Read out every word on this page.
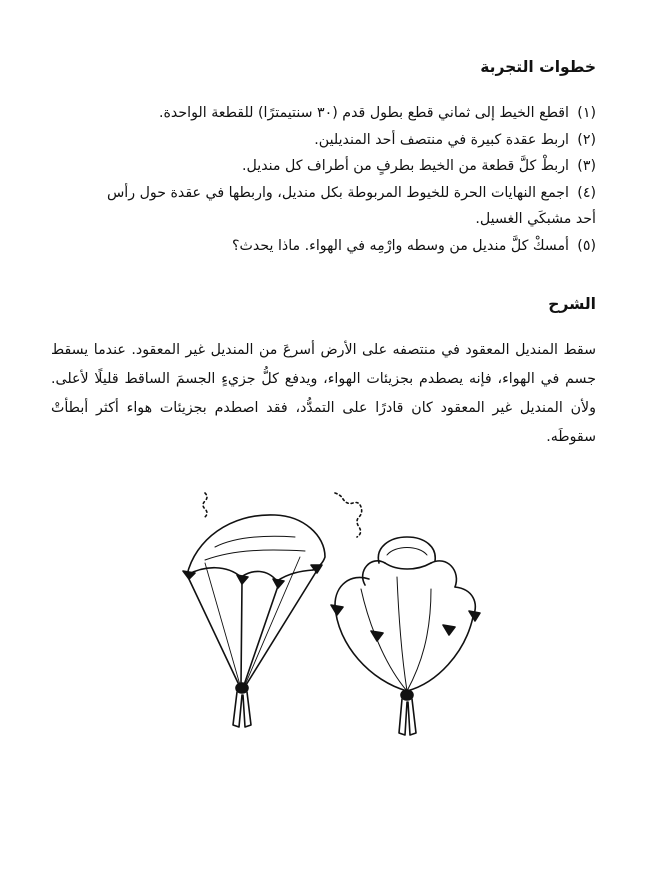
خطوات التجربة
(١)اقطع الخيط إلى ثماني قطع بطول قدم (٣٠ سنتيمترًا) للقطعة الواحدة.
(٢)اربط عقدة كبيرة في منتصف أحد المنديلين.
(٣)اربطْ كلَّ قطعة من الخيط بطرفٍ من أطراف كل منديل.
(٤)اجمع النهايات الحرة للخيوط المربوطة بكل منديل، واربطها في عقدة حول رأس
أحد مشبكَي الغسيل.
(٥)أمسكْ كلَّ منديل من وسطه وارْمِه في الهواء. ماذا يحدث؟
الشرح

سقط المنديل المعقود في منتصفه على الأرض أسرعَ من المنديل غير المعقود. عندما يسقط جسم في الهواء، فإنه يصطدم بجزيئات الهواء، ويدفع كلُّ جزيءٍ الجسمَ الساقط قليلًا لأعلى. ولأن المنديل غير المعقود كان قادرًا على التمدُّد، فقد اصطدم بجزيئات هواء أكثر أبطأتْ سقوطَه.
